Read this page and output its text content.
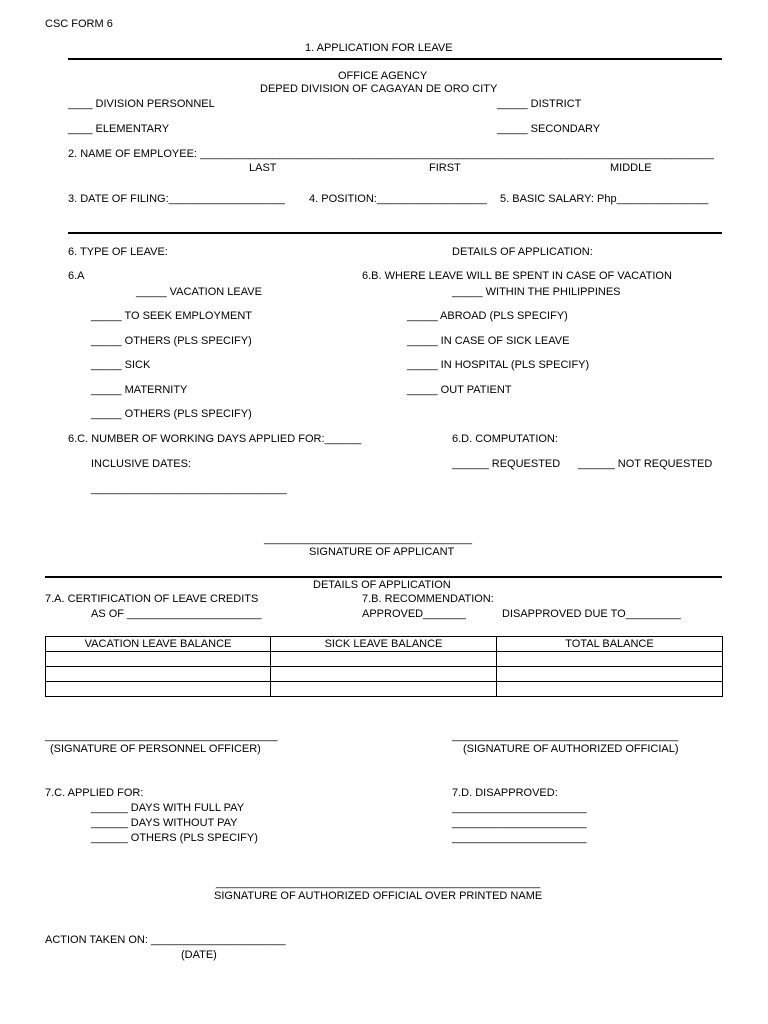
CSC FORM 6
1. APPLICATION FOR LEAVE
OFFICE AGENCY
DEPED DIVISION OF CAGAYAN DE ORO CITY
____ DIVISION PERSONNEL	_____ DISTRICT
____ ELEMENTARY	_____ SECONDARY
2. NAME OF EMPLOYEE: ____________________________________________________________________________________
LAST	FIRST	MIDDLE
3. DATE OF FILING:___________________ 4. POSITION:__________________ 5. BASIC SALARY: Php_______________
6. TYPE OF LEAVE:	DETAILS OF APPLICATION:
6.A	6.B. WHERE LEAVE WILL BE SPENT IN CASE OF VACATION
_____ VACATION LEAVE	_____ WITHIN THE PHILIPPINES
_____ TO SEEK EMPLOYMENT	_____ ABROAD (PLS SPECIFY)
_____ OTHERS (PLS SPECIFY)	_____ IN CASE OF SICK LEAVE
_____ SICK	_____ IN HOSPITAL (PLS SPECIFY)
_____ MATERNITY	_____ OUT PATIENT
_____ OTHERS (PLS SPECIFY)
6.C. NUMBER OF WORKING DAYS APPLIED FOR:______	6.D. COMPUTATION:
INCLUSIVE DATES:	______ REQUESTED ______ NOT REQUESTED
________________________________
__________________________________
SIGNATURE OF APPLICANT
DETAILS OF APPLICATION
7.A. CERTIFICATION OF LEAVE CREDITS
AS OF ______________________
7.B. RECOMMENDATION:
APPROVED_______	DISAPPROVED DUE TO_________
VACATION LEAVE BALANCE	SICK LEAVE BALANCE	TOTAL BALANCE

______________________________________
(SIGNATURE OF PERSONNEL OFFICER)
_____________________________________
(SIGNATURE OF AUTHORIZED OFFICIAL)
7.C. APPLIED FOR:
______ DAYS WITH FULL PAY
______ DAYS WITHOUT PAY
______ OTHERS (PLS SPECIFY)
7.D. DISAPPROVED:
______________________
______________________
______________________
_____________________________________________________
SIGNATURE OF AUTHORIZED OFFICIAL OVER PRINTED NAME
ACTION TAKEN ON: ______________________
(DATE)
